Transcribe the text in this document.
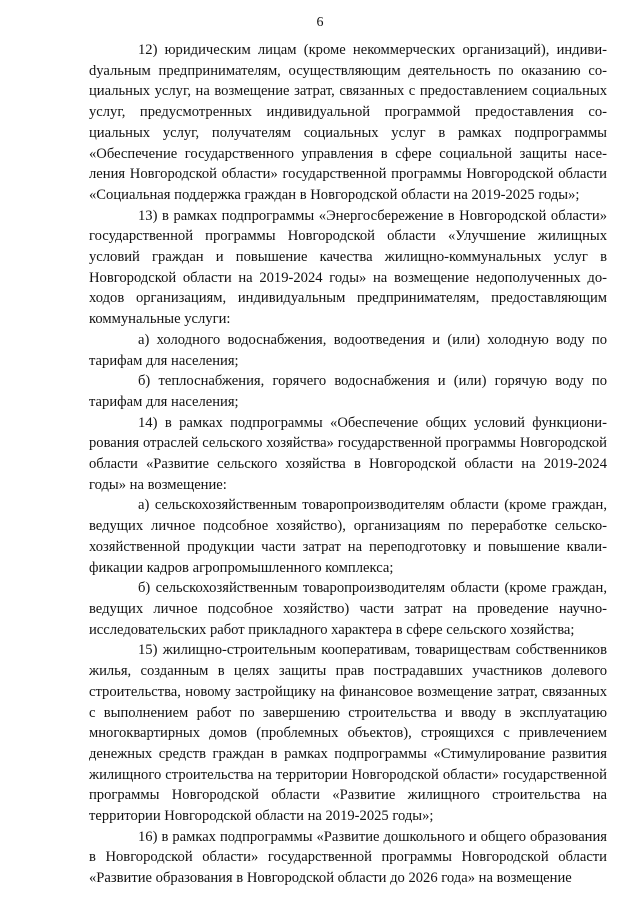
6

12) юридическим лицам (кроме некоммерческих организаций), индивиdуальным предпринимателям, осуществляющим деятельность по оказанию социальных услуг, на возмещение затрат, связанных с предоставлением социальных услуг, предусмотренных индивидуальной программой предоставления социальных услуг, получателям социальных услуг в рамках подпрограммы «Обеспечение государственного управления в сфере социальной защиты населения Новгородской области» государственной программы Новгородской области «Социальная поддержка граждан в Новгородской области на 2019-2025 годы»;

13) в рамках подпрограммы «Энергосбережение в Новгородской области» государственной программы Новгородской области «Улучшение жилищных условий граждан и повышение качества жилищно-коммунальных услуг в Новгородской области на 2019-2024 годы» на возмещение недополученных доходов организациям, индивидуальным предпринимателям, предоставляющим коммунальные услуги:

а) холодного водоснабжения, водоотведения и (или) холодную воду по тарифам для населения;

б) теплоснабжения, горячего водоснабжения и (или) горячую воду по тарифам для населения;

14) в рамках подпрограммы «Обеспечение общих условий функционирования отраслей сельского хозяйства» государственной программы Новгородской области «Развитие сельского хозяйства в Новгородской области на 2019-2024 годы» на возмещение:

а) сельскохозяйственным товаропроизводителям области (кроме граждан, ведущих личное подсобное хозяйство), организациям по переработке сельскохозяйственной продукции части затрат на переподготовку и повышение квалификации кадров агропромышленного комплекса;

б) сельскохозяйственным товаропроизводителям области (кроме граждан, ведущих личное подсобное хозяйство) части затрат на проведение научно-исследовательских работ прикладного характера в сфере сельского хозяйства;

15) жилищно-строительным кооперативам, товариществам собственников жилья, созданным в целях защиты прав пострадавших участников долевого строительства, новому застройщику на финансовое возмещение затрат, связанных с выполнением работ по завершению строительства и вводу в эксплуатацию многоквартирных домов (проблемных объектов), строящихся с привлечением денежных средств граждан в рамках подпрограммы «Стимулирование развития жилищного строительства на территории Новгородской области» государственной программы Новгородской области «Развитие жилищного строительства на территории Новгородской области на 2019-2025 годы»;

16) в рамках подпрограммы «Развитие дошкольного и общего образования в Новгородской области» государственной программы Новгородской области «Развитие образования в Новгородской области до 2026 года» на возмещение
